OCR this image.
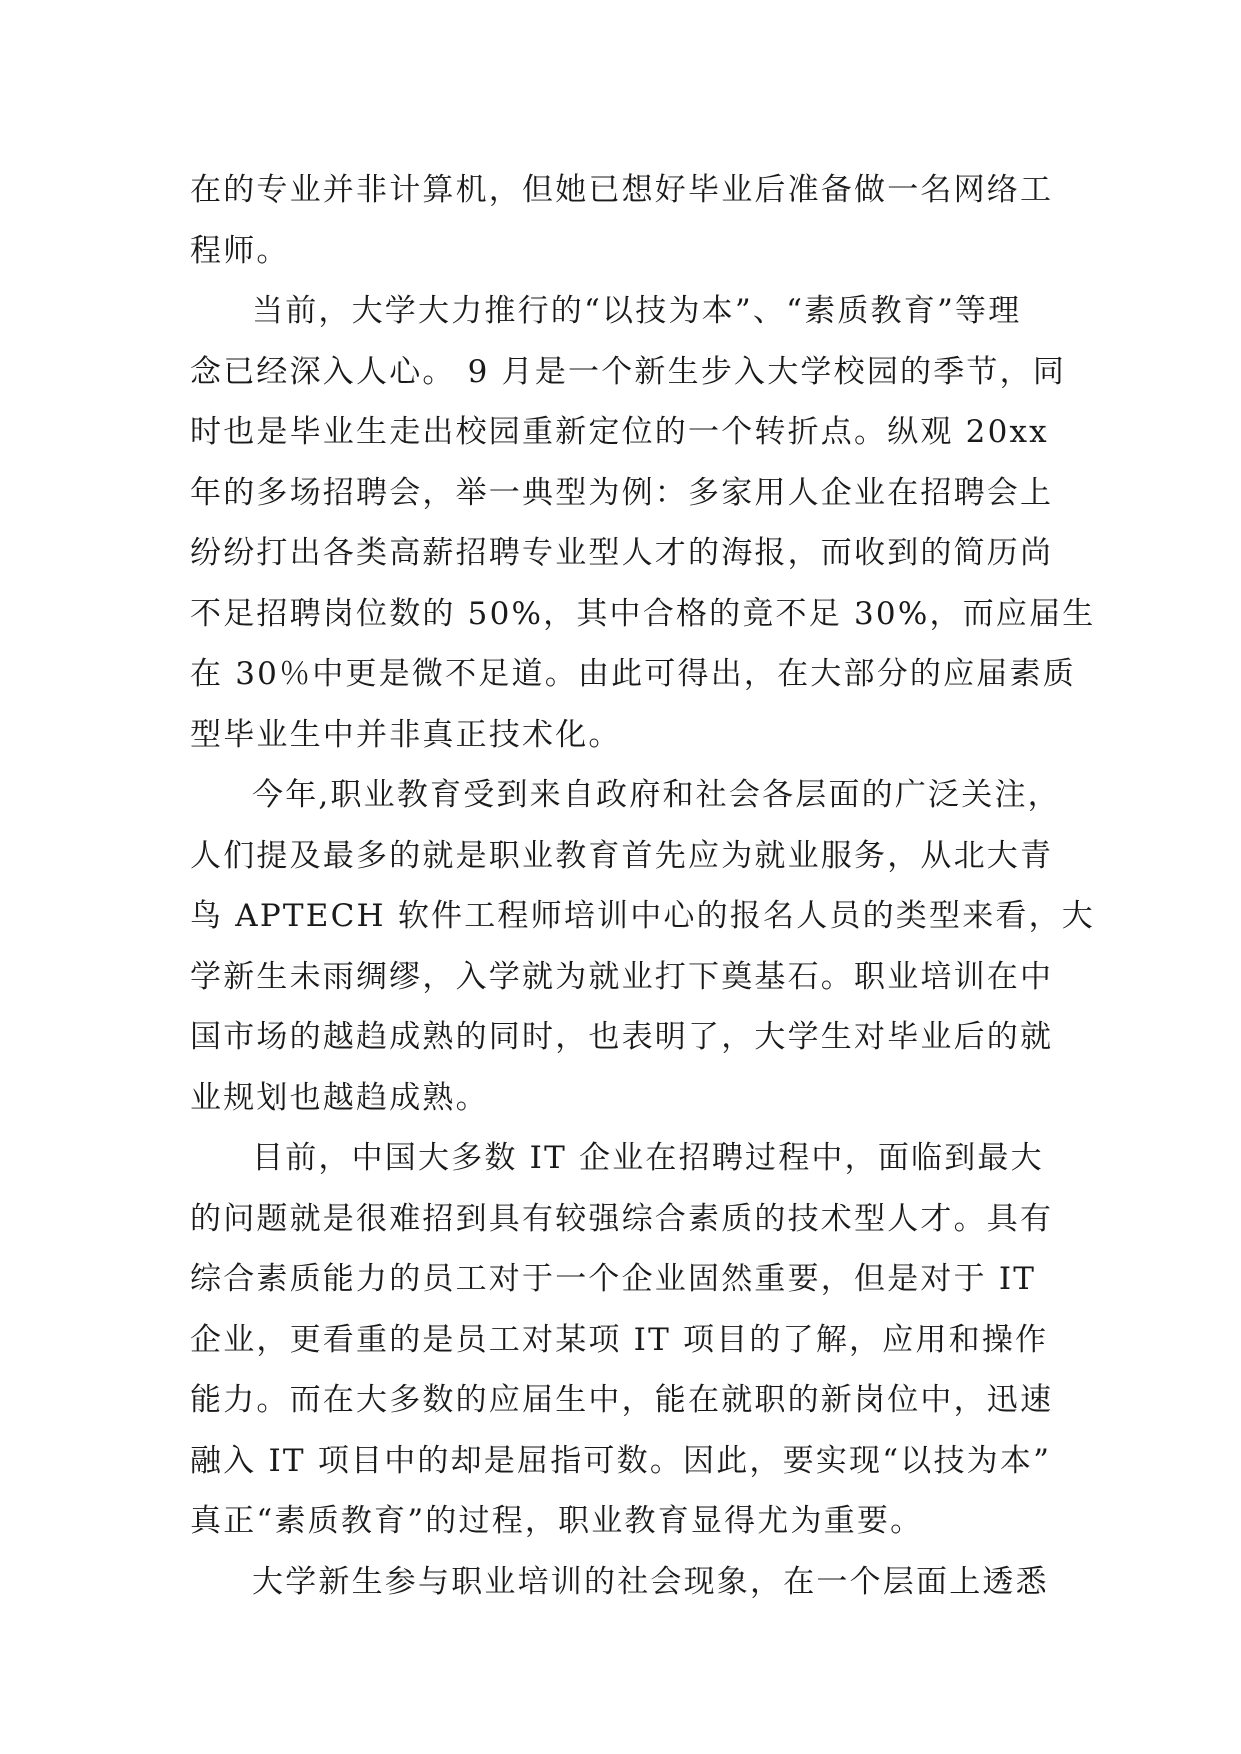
在的专业并非计算机，但她已想好毕业后准备做一名网络工
程师。

当前，大学大力推行的“以技为本”、“素质教育”等理
念已经深入人心。 9 月是一个新生步入大学校园的季节，同
时也是毕业生走出校园重新定位的一个转折点。纵观 20xx
年的多场招聘会，举一典型为例：多家用人企业在招聘会上
纷纷打出各类高薪招聘专业型人才的海报，而收到的简历尚
不足招聘岗位数的 50%，其中合格的竟不足 30%，而应届生
在 30％中更是微不足道。由此可得出，在大部分的应届素质
型毕业生中并非真正技术化。

今年,职业教育受到来自政府和社会各层面的广泛关注，
人们提及最多的就是职业教育首先应为就业服务，从北大青
鸟 APTECH 软件工程师培训中心的报名人员的类型来看，大
学新生未雨绸缪，入学就为就业打下奠基石。职业培训在中
国市场的越趋成熟的同时，也表明了，大学生对毕业后的就
业规划也越趋成熟。

目前，中国大多数 IT 企业在招聘过程中，面临到最大
的问题就是很难招到具有较强综合素质的技术型人才。具有
综合素质能力的员工对于一个企业固然重要，但是对于 IT
企业，更看重的是员工对某项 IT 项目的了解，应用和操作
能力。而在大多数的应届生中，能在就职的新岗位中，迅速
融入 IT 项目中的却是屈指可数。因此，要实现“以技为本”
真正“素质教育”的过程，职业教育显得尤为重要。

大学新生参与职业培训的社会现象，在一个层面上透悉
